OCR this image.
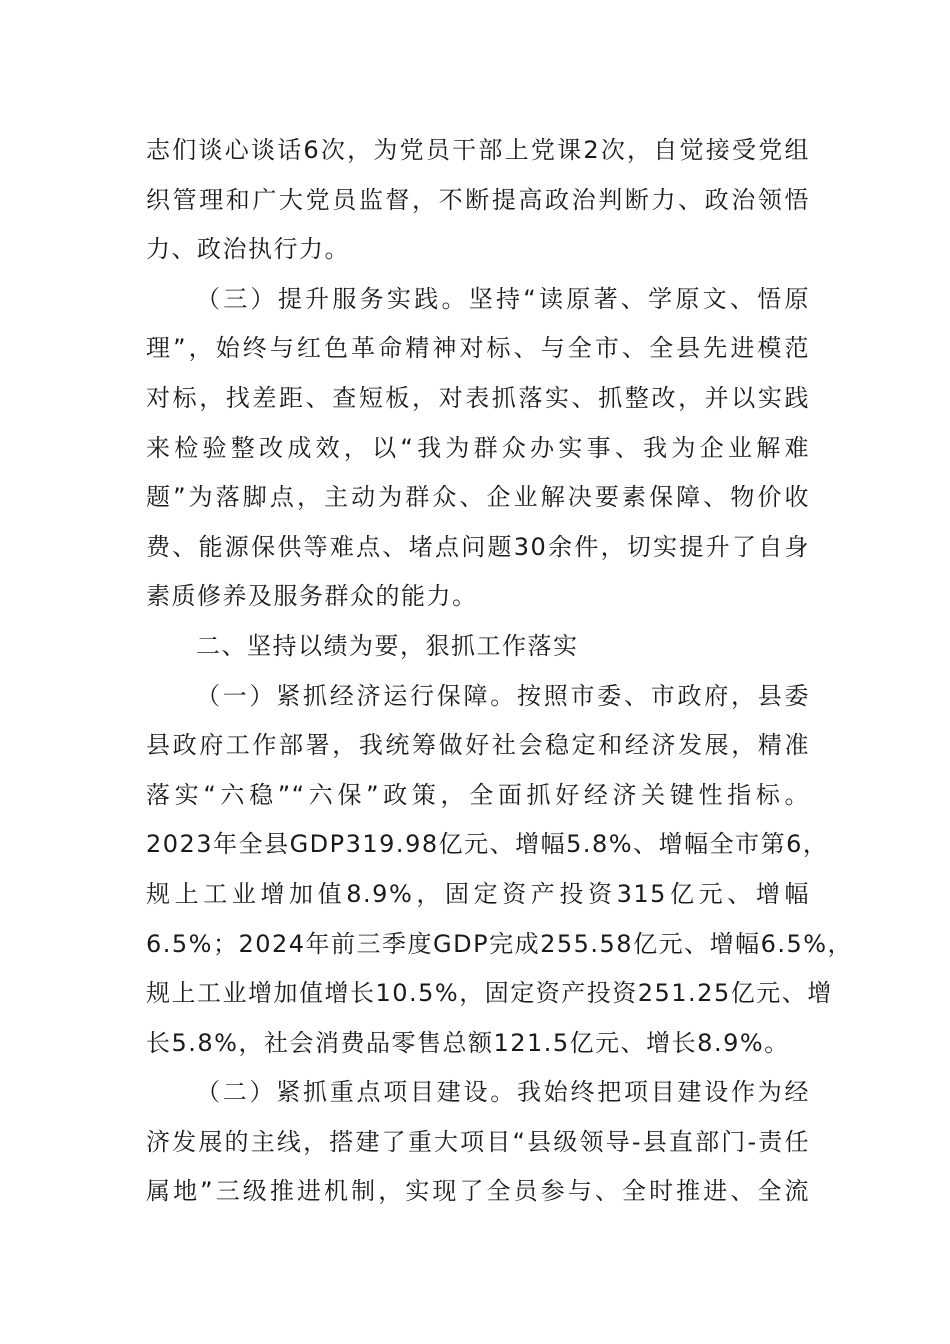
志们谈心谈话6次，为党员干部上党课2次，自觉接受党组
织管理和广大党员监督，不断提高政治判断力、政治领悟
力、政治执行力。
（三）提升服务实践。坚持“读原著、学原文、悟原
理”，始终与红色革命精神对标、与全市、全县先进模范
对标，找差距、查短板，对表抓落实、抓整改，并以实践
来检验整改成效，以“我为群众办实事、我为企业解难
题”为落脚点，主动为群众、企业解决要素保障、物价收
费、能源保供等难点、堵点问题30余件，切实提升了自身
素质修养及服务群众的能力。
二、坚持以绩为要，狠抓工作落实
（一）紧抓经济运行保障。按照市委、市政府，县委
县政府工作部署，我统筹做好社会稳定和经济发展，精准
落实“六稳”“六保”政策，全面抓好经济关键性指标。
2023年全县GDP319.98亿元、增幅5.8%、增幅全市第6，
规上工业增加值8.9%，固定资产投资315亿元、增幅
6.5%；2024年前三季度GDP完成255.58亿元、增幅6.5%，
规上工业增加值增长10.5%，固定资产投资251.25亿元、增
长5.8%，社会消费品零售总额121.5亿元、增长8.9%。
（二）紧抓重点项目建设。我始终把项目建设作为经
济发展的主线，搭建了重大项目“县级领导-县直部门-责任
属地”三级推进机制，实现了全员参与、全时推进、全流
